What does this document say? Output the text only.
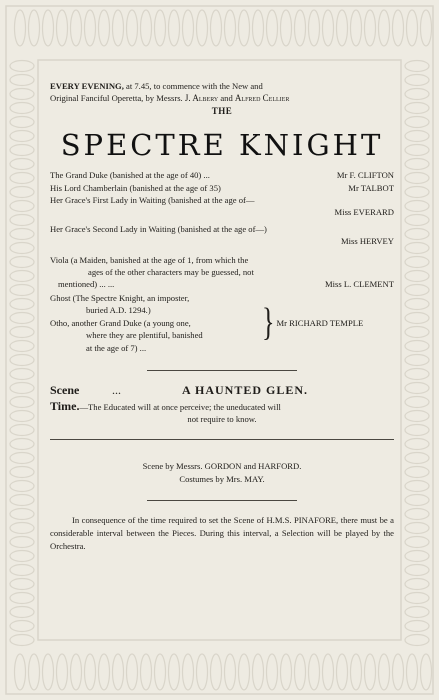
EVERY EVENING, at 7.45, to commence with the New and
Original Fanciful Operetta, by Messrs. J. Albery and Alfred Cellier
THE
SPECTRE KNIGHT
The Grand Duke (banished at the age of 40) ...	Mr F. CLIFTON
His Lord Chamberlain (banished at the age of 35)	Mr TALBOT
Her Grace's First Lady in Waiting (banished at the age of—
Miss EVERARD
Her Grace's Second Lady in Waiting (banished at the age of—)
Miss HERVEY
Viola (a Maiden, banished at the age of 1, from which the
ages of the other characters may be guessed, not
mentioned) ... ...	Miss L. CLEMENT
Ghost (The Spectre Knight, an imposter,
buried A.D. 1294.)
Otho, another Grand Duke (a young one,
where they are plentiful, banished
at the age of 7) ...
} Mr RICHARD TEMPLE
Scene	...	A HAUNTED GLEN.
Time.—The Educated will at once perceive; the uneducated will
not require to know.
Scene by Messrs. GORDON and HARFORD.
Costumes by Mrs. MAY.
In consequence of the time required to set the Scene of H.M.S. PINAFORE, there must be a considerable interval between the Pieces. During this interval, a Selection will be played by the Orchestra.
